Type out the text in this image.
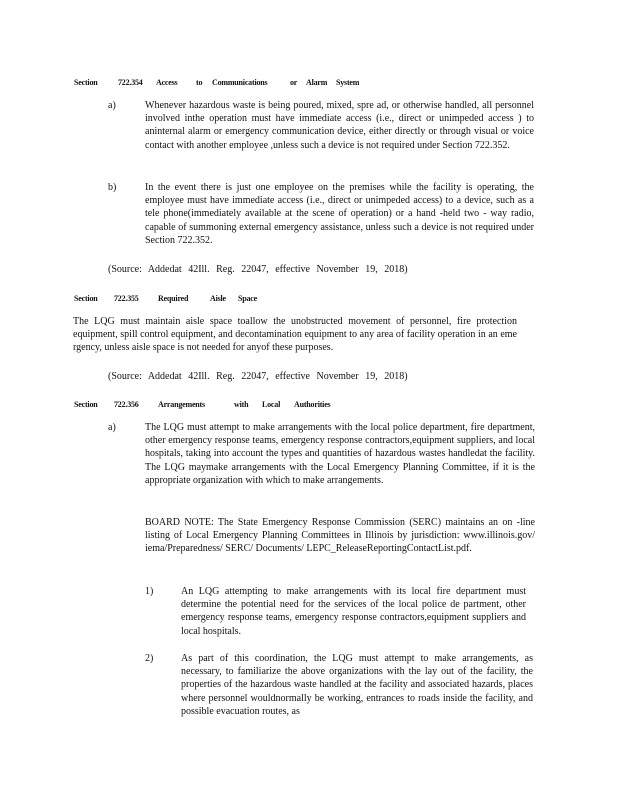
Section	722.354 Access to Communications	or Alarm System
a)	Whenever hazardous waste is being poured, mixed, spre ad, or otherwise handled, all personnel involved inthe operation must have immediate access (i.e., direct or unimpeded access ) to aninternal alarm or emergency communication device, either directly or through visual or voice contact with another employee ,unless such a device is not required under Section 722.352.
b)	In the event there is just one employee on the premises while the facility is operating, the employee must have immediate access (i.e., direct or unimpeded access) to a device, such as a tele phone(immediately available at the scene of operation) or a hand -held two - way radio, capable of summoning external emergency assistance, unless such a device is not required under Section 722.352.
(Source: Addedat 42Ill. Reg. 22047, effective November 19, 2018)
Section 722.355 Required	Aisle Space
The LQG must maintain aisle space toallow the unobstructed movement of personnel, fire protection equipment, spill control equipment, and decontamination equipment to any area of facility operation in an eme rgency, unless aisle space is not needed for anyof these purposes.
(Source: Addedat 42Ill. Reg. 22047, effective November 19, 2018)
Section 722.356 Arrangements	with Local Authorities
a)	The LQG must attempt to make arrangements with the local police department, fire department, other emergency response teams, emergency response contractors,equipment suppliers, and local hospitals, taking into account the types and quantities of hazardous wastes handledat the facility. The LQG maymake arrangements with the Local Emergency Planning Committee, if it is the appropriate organization with which to make arrangements.
BOARD NOTE: The State Emergency Response Commission (SERC) maintains an on -line listing of Local Emergency Planning Committees in Illinois by jurisdiction: www.illinois.gov/ iema/Preparedness/ SERC/ Documents/ LEPC_ReleaseReportingContactList.pdf.
1)	An LQG attempting to make arrangements with its local fire department must determine the potential need for the services of the local police de partment, other emergency response teams, emergency response contractors,equipment suppliers and local hospitals.
2)	As part of this coordination, the LQG must attempt to make arrangements, as necessary, to familiarize the above organizations with the lay out of the facility, the properties of the hazardous waste handled at the facility and associated hazards, places where personnel wouldnormally be working, entrances to roads inside the facility, and possible evacuation routes, as
